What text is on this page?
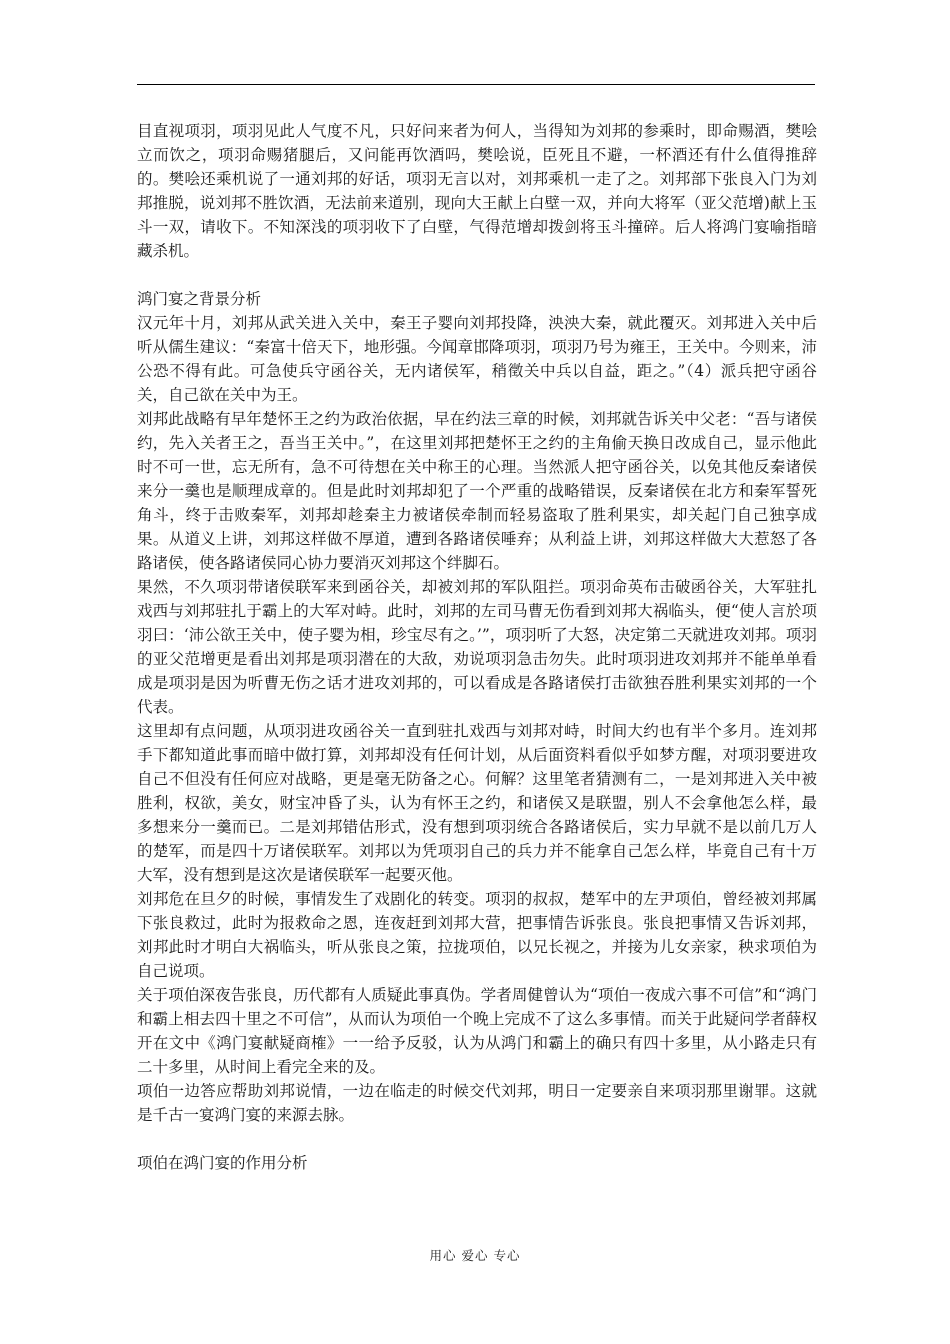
目直视项羽，项羽见此人气度不凡，只好问来者为何人，当得知为刘邦的参乘时，即命赐酒，樊哙立而饮之，项羽命赐猪腿后，又问能再饮酒吗，樊哙说，臣死且不避，一杯酒还有什么值得推辞的。樊哙还乘机说了一通刘邦的好话，项羽无言以对，刘邦乘机一走了之。刘邦部下张良入门为刘邦推脱，说刘邦不胜饮酒，无法前来道别，现向大王献上白壁一双，并向大将军（亚父范增)献上玉斗一双，请收下。不知深浅的项羽收下了白壁，气得范增却拨剑将玉斗撞碎。后人将鸿门宴喻指暗藏杀机。

鸿门宴之背景分析

汉元年十月，刘邦从武关进入关中，秦王子婴向刘邦投降，泱泱大秦，就此覆灭。刘邦进入关中后听从儒生建议：“秦富十倍天下，地形强。今闻章邯降项羽，项羽乃号为雍王，王关中。今则来，沛公恐不得有此。可急使兵守函谷关，无内诸侯军，稍徵关中兵以自益，距之。”（4）派兵把守函谷关，自己欲在关中为王。

刘邦此战略有早年楚怀王之约为政治依据，早在约法三章的时候，刘邦就告诉关中父老：“吾与诸侯约，先入关者王之，吾当王关中。”，在这里刘邦把楚怀王之约的主角偷天换日改成自己，显示他此时不可一世，忘无所有，急不可待想在关中称王的心理。当然派人把守函谷关，以免其他反秦诸侯来分一羹也是顺理成章的。但是此时刘邦却犯了一个严重的战略错误，反秦诸侯在北方和秦军誓死角斗，终于击败秦军，刘邦却趁秦主力被诸侯牵制而轻易盗取了胜利果实，却关起门自己独享成果。从道义上讲，刘邦这样做不厚道，遭到各路诸侯唾弃；从利益上讲，刘邦这样做大大惹怒了各路诸侯，使各路诸侯同心协力要消灭刘邦这个绊脚石。

果然，不久项羽带诸侯联军来到函谷关，却被刘邦的军队阻拦。项羽命英布击破函谷关，大军驻扎戏西与刘邦驻扎于霸上的大军对峙。此时，刘邦的左司马曹无伤看到刘邦大祸临头，便“使人言於项羽曰：‘沛公欲王关中，使子婴为相，珍宝尽有之。’”，项羽听了大怒，决定第二天就进攻刘邦。项羽的亚父范增更是看出刘邦是项羽潜在的大敌，劝说项羽急击勿失。此时项羽进攻刘邦并不能单单看成是项羽是因为听曹无伤之话才进攻刘邦的，可以看成是各路诸侯打击欲独吞胜利果实刘邦的一个代表。

这里却有点问题，从项羽进攻函谷关一直到驻扎戏西与刘邦对峙，时间大约也有半个多月。连刘邦手下都知道此事而暗中做打算，刘邦却没有任何计划，从后面资料看似乎如梦方醒，对项羽要进攻自己不但没有任何应对战略，更是毫无防备之心。何解？这里笔者猜测有二，一是刘邦进入关中被胜利，权欲，美女，财宝冲昏了头，认为有怀王之约，和诸侯又是联盟，别人不会拿他怎么样，最多想来分一羹而已。二是刘邦错估形式，没有想到项羽统合各路诸侯后，实力早就不是以前几万人的楚军，而是四十万诸侯联军。刘邦以为凭项羽自己的兵力并不能拿自己怎么样，毕竟自己有十万大军，没有想到是这次是诸侯联军一起要灭他。

刘邦危在旦夕的时候，事情发生了戏剧化的转变。项羽的叔叔，楚军中的左尹项伯，曾经被刘邦属下张良救过，此时为报救命之恩，连夜赶到刘邦大营，把事情告诉张良。张良把事情又告诉刘邦，刘邦此时才明白大祸临头，听从张良之策，拉拢项伯，以兄长视之，并接为儿女亲家，秧求项伯为自己说项。

关于项伯深夜告张良，历代都有人质疑此事真伪。学者周健曾认为“项伯一夜成六事不可信”和“鸿门和霸上相去四十里之不可信”，从而认为项伯一个晚上完成不了这么多事情。而关于此疑问学者薛权开在文中《鸿门宴献疑商榷》一一给予反驳，认为从鸿门和霸上的确只有四十多里，从小路走只有二十多里，从时间上看完全来的及。

项伯一边答应帮助刘邦说情，一边在临走的时候交代刘邦，明日一定要亲自来项羽那里谢罪。这就是千古一宴鸿门宴的来源去脉。

项伯在鸿门宴的作用分析

用心 爱心 专心
